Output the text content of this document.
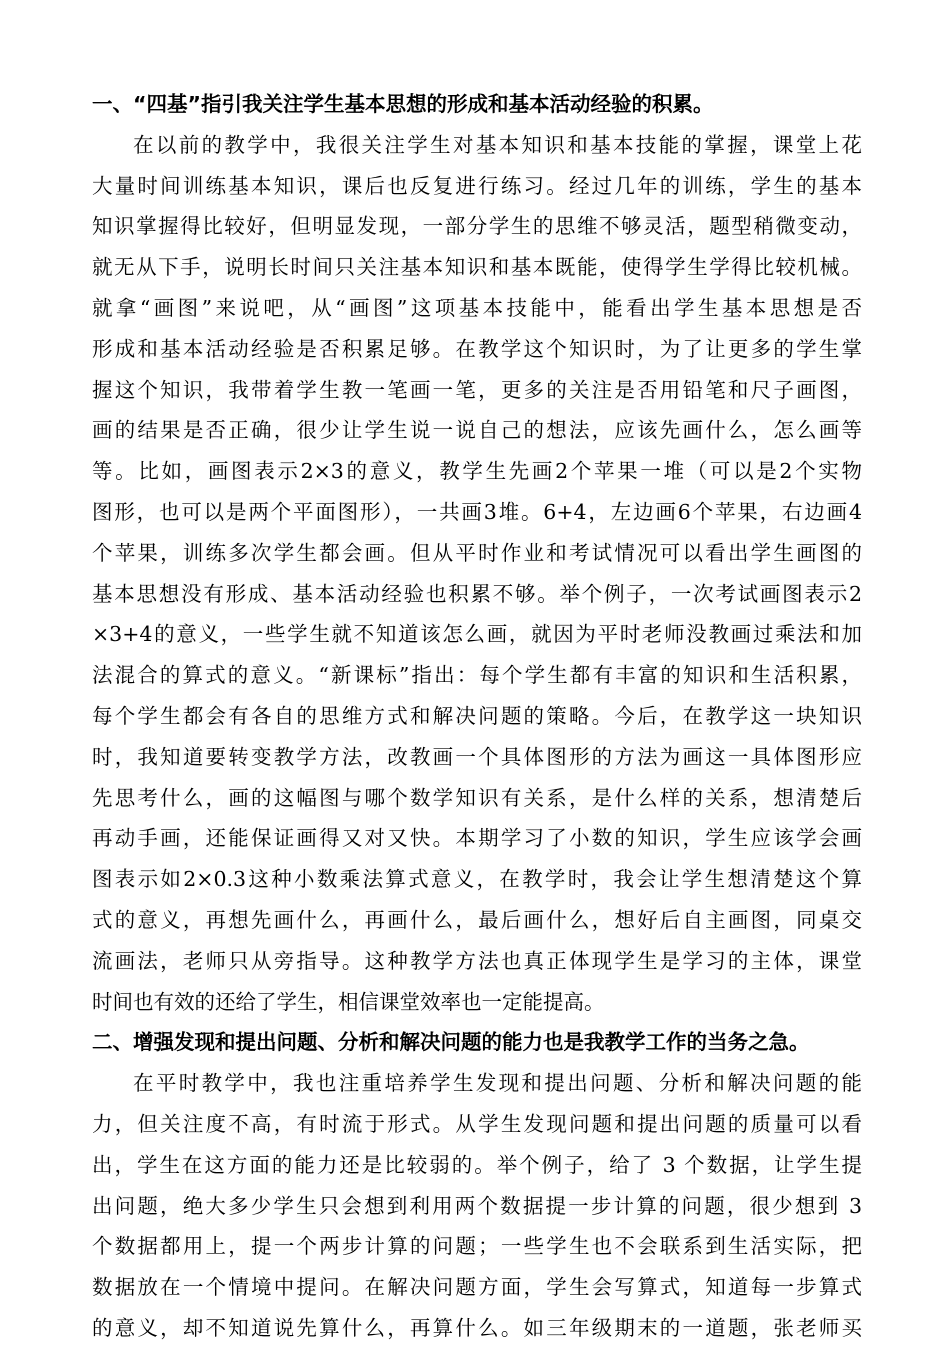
一、“四基”指引我关注学生基本思想的形成和基本活动经验的积累。
在以前的教学中，我很关注学生对基本知识和基本技能的掌握，课堂上花
大量时间训练基本知识，课后也反复进行练习。经过几年的训练，学生的基本
知识掌握得比较好，但明显发现，一部分学生的思维不够灵活，题型稍微变动，
就无从下手，说明长时间只关注基本知识和基本既能，使得学生学得比较机械。
就拿“画图”来说吧，从“画图”这项基本技能中，能看出学生基本思想是否
形成和基本活动经验是否积累足够。在教学这个知识时，为了让更多的学生掌
握这个知识，我带着学生教一笔画一笔，更多的关注是否用铅笔和尺子画图，
画的结果是否正确，很少让学生说一说自己的想法，应该先画什么，怎么画等
等。比如，画图表示2×3的意义，教学生先画2个苹果一堆（可以是2个实物
图形，也可以是两个平面图形），一共画3堆。6+4，左边画6个苹果，右边画4
个苹果，训练多次学生都会画。但从平时作业和考试情况可以看出学生画图的
基本思想没有形成、基本活动经验也积累不够。举个例子，一次考试画图表示2
×3+4的意义，一些学生就不知道该怎么画，就因为平时老师没教画过乘法和加
法混合的算式的意义。“新课标”指出：每个学生都有丰富的知识和生活积累，
每个学生都会有各自的思维方式和解决问题的策略。今后，在教学这一块知识
时，我知道要转变教学方法，改教画一个具体图形的方法为画这一具体图形应
先思考什么，画的这幅图与哪个数学知识有关系，是什么样的关系，想清楚后
再动手画，还能保证画得又对又快。本期学习了小数的知识，学生应该学会画
图表示如2×0.3这种小数乘法算式意义，在教学时，我会让学生想清楚这个算
式的意义，再想先画什么，再画什么，最后画什么，想好后自主画图，同桌交
流画法，老师只从旁指导。这种教学方法也真正体现学生是学习的主体，课堂
时间也有效的还给了学生，相信课堂效率也一定能提高。
二、增强发现和提出问题、分析和解决问题的能力也是我教学工作的当务之急。
在平时教学中，我也注重培养学生发现和提出问题、分析和解决问题的能
力，但关注度不高，有时流于形式。从学生发现问题和提出问题的质量可以看
出，学生在这方面的能力还是比较弱的。举个例子，给了 3 个数据，让学生提
出问题，绝大多少学生只会想到利用两个数据提一步计算的问题，很少想到 3
个数据都用上，提一个两步计算的问题；一些学生也不会联系到生活实际，把
数据放在一个情境中提问。在解决问题方面，学生会写算式，知道每一步算式
的意义，却不知道说先算什么，再算什么。如三年级期末的一道题，张老师买
